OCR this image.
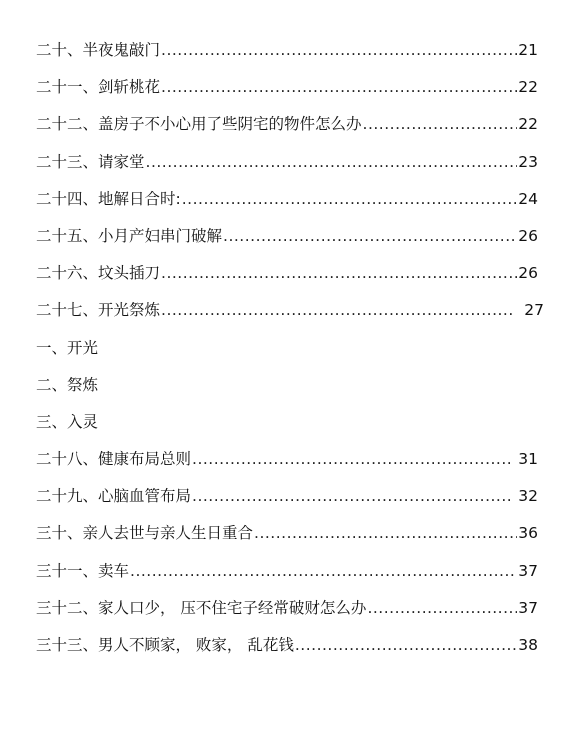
二十、半夜鬼敲门 .....	21
二十一、剑斩桃花 .....	22
二十二、盖房子不小心用了些阴宅的物件怎么办 .....	22
二十三、请家堂 .....	23
二十四、地解日合时: .....	24
二十五、小月产妇串门破解 .....	26
二十六、坟头插刀 .....	26
二十七、开光祭炼 .....	27
一、开光
二、祭炼
三、入灵
二十八、健康布局总则 .....	31
二十九、心脑血管布局 .....	32
三十、亲人去世与亲人生日重合 .....	36
三十一、卖车 .....	37
三十二、家人口少， 压不住宅子经常破财怎么办 .....	37
三十三、男人不顾家， 败家， 乱花钱 .....	38
